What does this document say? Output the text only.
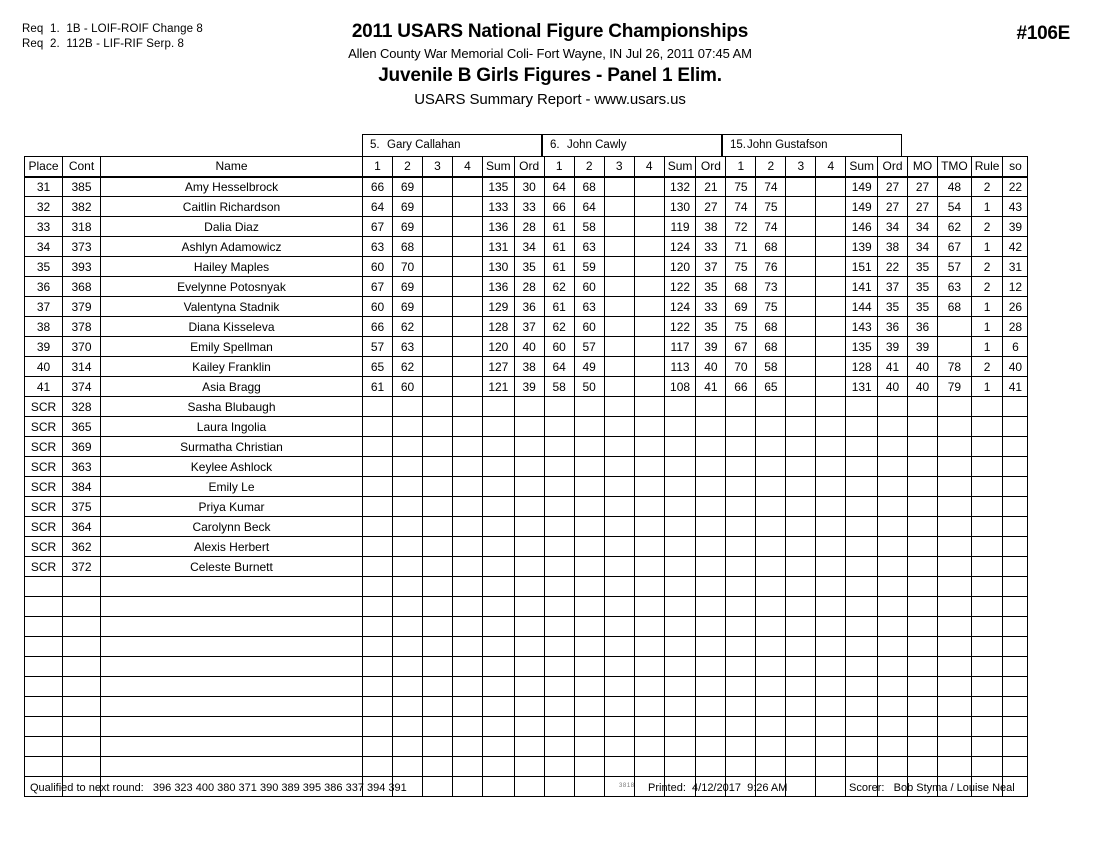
Req  1.  1B - LOIF-ROIF Change 8
Req  2.  112B - LIF-RIF Serp. 8
2011 USARS National Figure Championships
Allen County War Memorial Coli- Fort Wayne, IN Jul 26, 2011 07:45 AM
Juvenile B Girls Figures - Panel 1 Elim.
USARS Summary Report - www.usars.us
#106E
5. Gary Callahan	6. John Cawly	15.John Gustafson
Place	Cont	Name	1	2	3	4	Sum	Ord	1	2	3	4	Sum	Ord	1	2	3	4	Sum	Ord	MO	TMO	Rule	so
31	385	Amy Hesselbrock	66	69			135	30	64	68			132	21	75	74			149	27	27	48	2	22
32	382	Caitlin Richardson	64	69			133	33	66	64			130	27	74	75			149	27	27	54	1	43
33	318	Dalia Diaz	67	69			136	28	61	58			119	38	72	74			146	34	34	62	2	39
34	373	Ashlyn Adamowicz	63	68			131	34	61	63			124	33	71	68			139	38	34	67	1	42
35	393	Hailey Maples	60	70			130	35	61	59			120	37	75	76			151	22	35	57	2	31
36	368	Evelynne Potosnyak	67	69			136	28	62	60			122	35	68	73			141	37	35	63	2	12
37	379	Valentyna Stadnik	60	69			129	36	61	63			124	33	69	75			144	35	35	68	1	26
38	378	Diana Kisseleva	66	62			128	37	62	60			122	35	75	68			143	36	36		1	28
39	370	Emily Spellman	57	63			120	40	60	57			117	39	67	68			135	39	39		1	6
40	314	Kailey Franklin	65	62			127	38	64	49			113	40	70	58			128	41	40	78	2	40
41	374	Asia Bragg	61	60			121	39	58	50			108	41	66	65			131	40	40	79	1	41
SCR	328	Sasha Blubaugh																						
SCR	365	Laura Ingolia																						
SCR	369	Surmatha Christian																						
SCR	363	Keylee Ashlock																						
SCR	384	Emily Le																						
SCR	375	Priya Kumar																						
SCR	364	Carolynn Beck																						
SCR	362	Alexis Herbert																						
SCR	372	Celeste Burnett																						

Qualified to next round:   396 323 400 380 371 390 389 395 386 337 394 391	3818 Printed:  4/12/2017  9:26 AM	Scorer:   Bob Styma / Louise Neal
